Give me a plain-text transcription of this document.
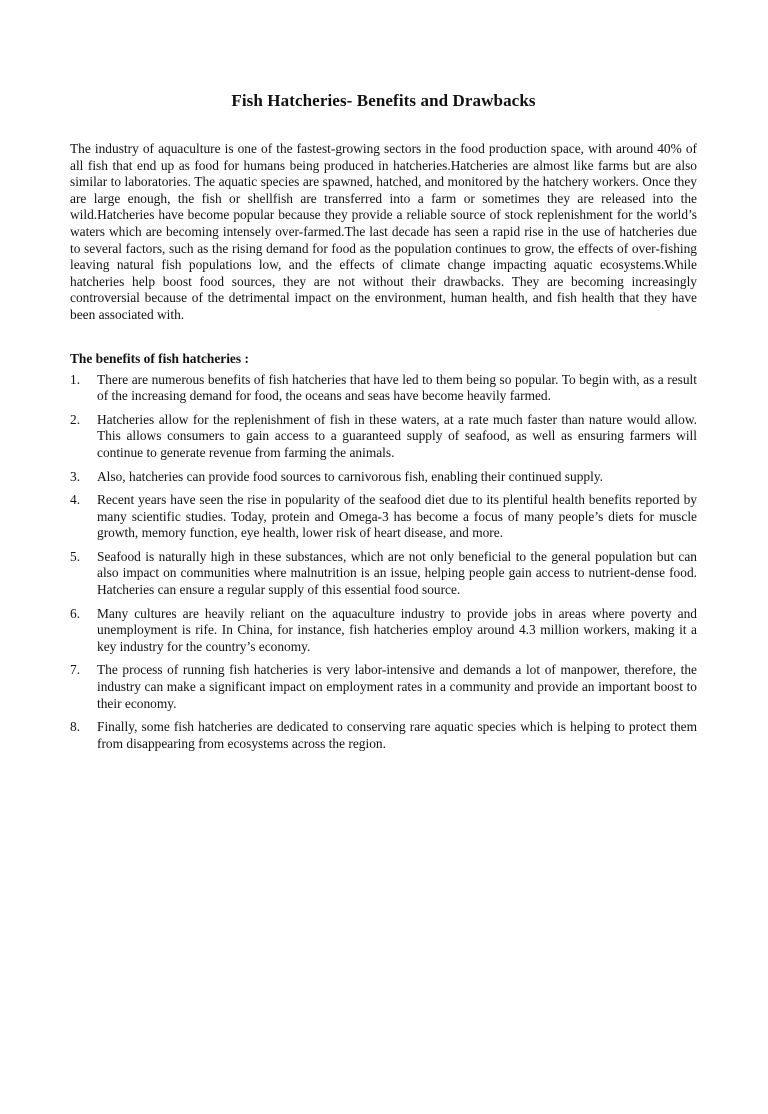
Fish Hatcheries- Benefits and Drawbacks

The industry of aquaculture is one of the fastest-growing sectors in the food production space, with around 40% of all fish that end up as food for humans being produced in hatcheries.Hatcheries are almost like farms but are also similar to laboratories. The aquatic species are spawned, hatched, and monitored by the hatchery workers. Once they are large enough, the fish or shellfish are transferred into a farm or sometimes they are released into the wild.Hatcheries have become popular because they provide a reliable source of stock replenishment for the world’s waters which are becoming intensely over-farmed.The last decade has seen a rapid rise in the use of hatcheries due to several factors, such as the rising demand for food as the population continues to grow, the effects of over-fishing leaving natural fish populations low, and the effects of climate change impacting aquatic ecosystems.While hatcheries help boost food sources, they are not without their drawbacks. They are becoming increasingly controversial because of the detrimental impact on the environment, human health, and fish health that they have been associated with.

The benefits of fish hatcheries :
1. There are numerous benefits of fish hatcheries that have led to them being so popular. To begin with, as a result of the increasing demand for food, the oceans and seas have become heavily farmed.
2. Hatcheries allow for the replenishment of fish in these waters, at a rate much faster than nature would allow. This allows consumers to gain access to a guaranteed supply of seafood, as well as ensuring farmers will continue to generate revenue from farming the animals.
3. Also, hatcheries can provide food sources to carnivorous fish, enabling their continued supply.
4. Recent years have seen the rise in popularity of the seafood diet due to its plentiful health benefits reported by many scientific studies. Today, protein and Omega-3 has become a focus of many people’s diets for muscle growth, memory function, eye health, lower risk of heart disease, and more.
5. Seafood is naturally high in these substances, which are not only beneficial to the general population but can also impact on communities where malnutrition is an issue, helping people gain access to nutrient-dense food. Hatcheries can ensure a regular supply of this essential food source.
6. Many cultures are heavily reliant on the aquaculture industry to provide jobs in areas where poverty and unemployment is rife. In China, for instance, fish hatcheries employ around 4.3 million workers, making it a key industry for the country’s economy.
7. The process of running fish hatcheries is very labor-intensive and demands a lot of manpower, therefore, the industry can make a significant impact on employment rates in a community and provide an important boost to their economy.
8. Finally, some fish hatcheries are dedicated to conserving rare aquatic species which is helping to protect them from disappearing from ecosystems across the region.
